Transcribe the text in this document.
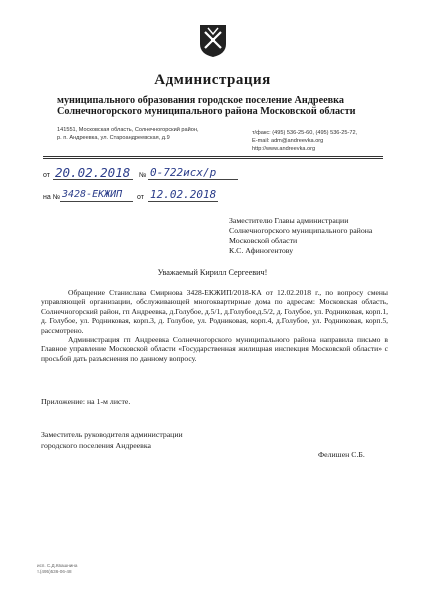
Администрация
муниципального образования городское поселение Андреевка
Солнечногорского муниципального района Московской области
141551, Московская область, Солнечногорский район,
р. п. Андреевка, ул. Староандреевская, д.9
т/факс: (495) 536-25-60, (495) 536-25-72,
E-mail: adm@andreevka.org
http://www.andreevka.org
от 20.02.2018 № 0-722исх/р
на № 3428-ЕКЖИП от 12.02.2018
Заместителю Главы администрации
Солнечногорского муниципального района
Московской области
К.С. Афиногентову
Уважаемый Кирилл Сергеевич!

Обращение Станислава Смирнова 3428-ЕКЖИП/2018-КА от 12.02.2018 г., по вопросу смены управляющей организации, обслуживающей многоквартирные дома по адресам: Московская область, Солнечногорский район, гп Андреевка, д.Голубое, д.5/1, д.Голубое,д.5/2, д. Голубое, ул. Родниковая, корп.1, д. Голубое, ул. Родниковая, корп.3, д. Голубое, ул. Родниковая, корп.4, д.Голубое, ул. Родниковая, корп.5, рассмотрено.

Администрация гп Андреевка Солнечногорского муниципального района направила письмо в Главное управление Московской области «Государственная жилищная инспекция Московской области» с просьбой дать разъяснения по данному вопросу.

Приложение: на 1-м листе.
Заместитель руководителя администрации
городского поселения Андреевка
Фелишен С.Б.
исп. С.Д.Квашнина
т.(495)536-06-48
